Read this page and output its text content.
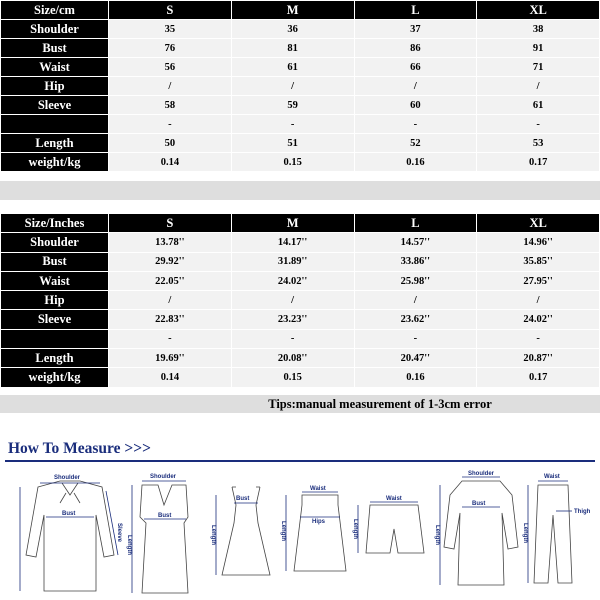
Size/cm	S	M	L	XL
Shoulder	35	36	37	38
Bust	76	81	86	91
Waist	56	61	66	71
Hip	/	/	/	/
Sleeve	58	59	60	61
	-	-	-	-
Length	50	51	52	53
weight/kg	0.14	0.15	0.16	0.17
Size/Inches	S	M	L	XL
Shoulder	13.78''	14.17''	14.57''	14.96''
Bust	29.92''	31.89''	33.86''	35.85''
Waist	22.05''	24.02''	25.98''	27.95''
Hip	/	/	/	/
Sleeve	22.83''	23.23''	23.62''	24.02''
	-	-	-	-
Length	19.69''	20.08''	20.47''	20.87''
weight/kg	0.14	0.15	0.16	0.17
Tips:manual measurement of 1-3cm error
How To Measure >>>
Shoulder
Bust
Sleeve
Shoulder
Bust
Length
Bust
Length
Waist
Hips
Length
Waist
Length
Shoulder
Bust
Length
Waist
Thigh
Length
